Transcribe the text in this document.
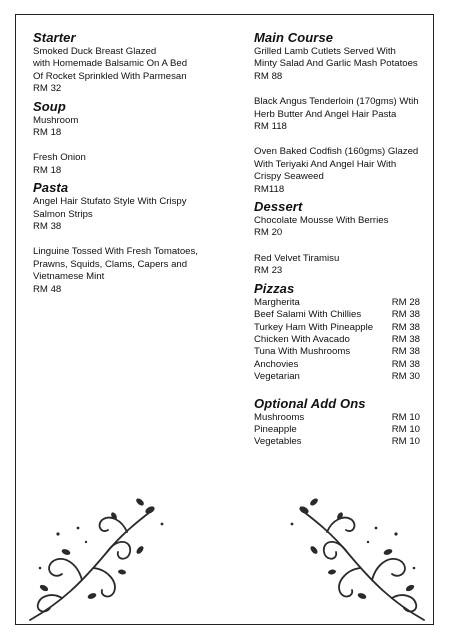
Starter
Smoked Duck Breast Glazed
with Homemade Balsamic On A Bed
Of Rocket Sprinkled With Parmesan
RM 32
Soup
Mushroom
RM 18
Fresh Onion
RM 18
Pasta
Angel Hair Stufato Style With Crispy
Salmon Strips
RM 38
Linguine Tossed With Fresh Tomatoes,
Prawns, Squids, Clams, Capers and
Vietnamese Mint
RM 48
Main Course
Grilled Lamb Cutlets Served With
Minty Salad And Garlic Mash Potatoes
RM 88
Black Angus Tenderloin (170gms) Wtih
Herb Butter And Angel Hair Pasta
RM 118
Oven Baked Codfish (160gms) Glazed
With Teriyaki And Angel Hair With
Crispy Seaweed
RM118
Dessert
Chocolate Mousse With Berries
RM 20
Red Velvet Tiramisu
RM 23
Pizzas
Margherita	RM 28
Beef Salami With Chillies	RM 38
Turkey Ham With Pineapple RM 38
Chicken With Avacado	RM 38
Tuna With Mushrooms	RM 38
Anchovies	RM 38
Vegetarian	RM 30
Optional Add Ons
Mushrooms	RM 10
Pineapple	RM 10
Vegetables	RM 10
